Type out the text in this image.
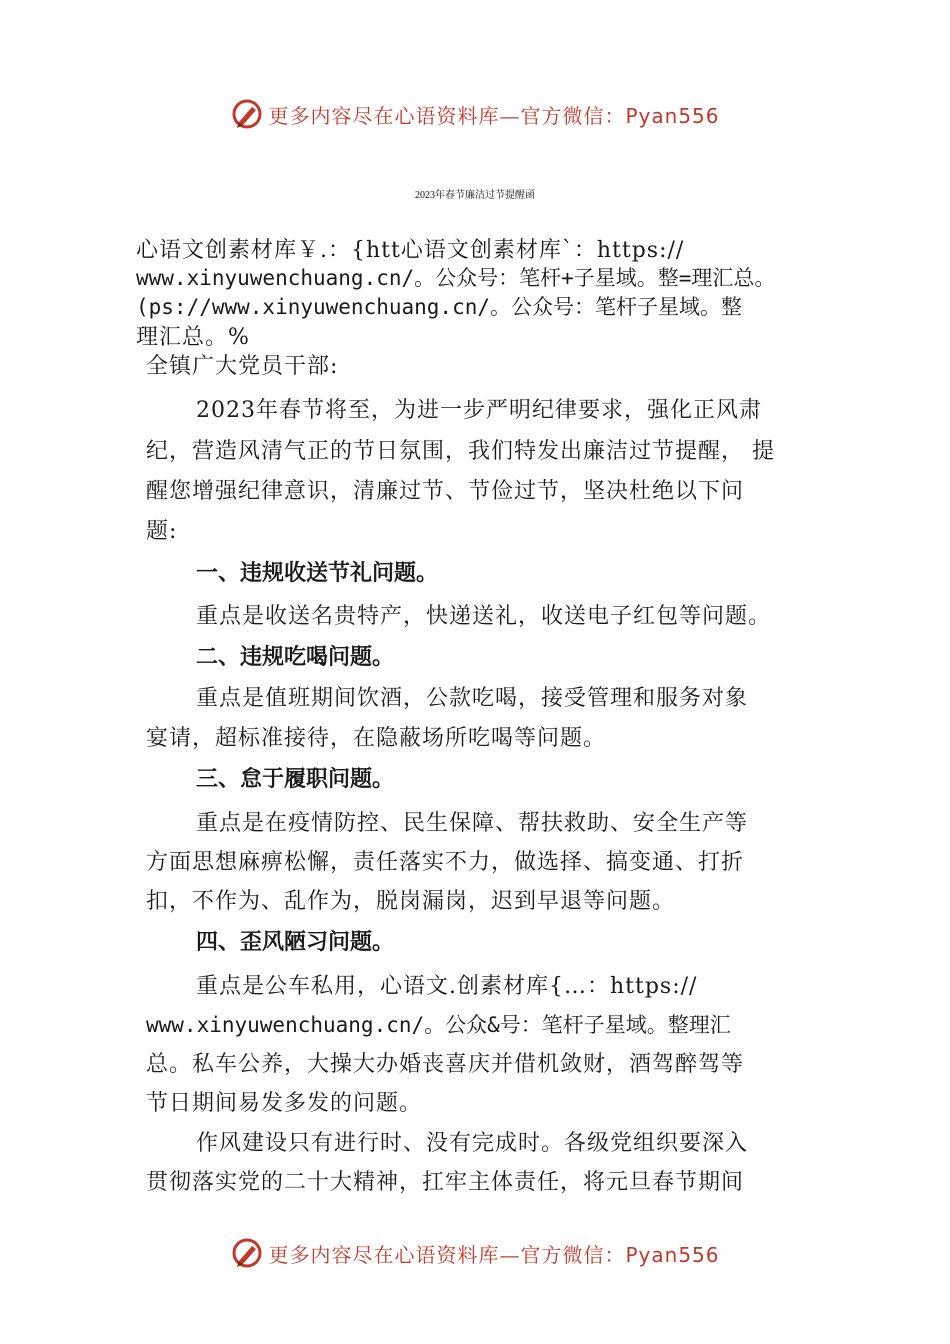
更多内容尽在心语资料库—官方微信：Pyan556
2023年春节廉洁过节提醒函
心语文创素材库￥.：{htt心语文创素材库`：https://
www.xinyuwenchuang.cn/。公众号：笔杆+子星域。整=理汇总。
(ps://www.xinyuwenchuang.cn/。公众号：笔杆子星域。整
理汇总。%
全镇广大党员干部:
2023年春节将至，为进一步严明纪律要求，强化正风肃
纪，营造风清气正的节日氛围，我们特发出廉洁过节提醒， 提
醒您增强纪律意识，清廉过节、节俭过节，坚决杜绝以下问
题:
一、违规收送节礼问题。
重点是收送名贵特产，快递送礼，收送电子红包等问题。
二、违规吃喝问题。
重点是值班期间饮酒，公款吃喝，接受管理和服务对象
宴请，超标准接待，在隐蔽场所吃喝等问题。
三、怠于履职问题。
重点是在疫情防控、民生保障、帮扶救助、安全生产等
方面思想麻痹松懈，责任落实不力，做选择、搞变通、打折
扣，不作为、乱作为，脱岗漏岗，迟到早退等问题。
四、歪风陋习问题。
重点是公车私用，心语文.创素材库{…：https://
www.xinyuwenchuang.cn/。公众&号：笔杆子星域。整理汇
总。私车公养，大操大办婚丧喜庆并借机敛财，酒驾醉驾等
节日期间易发多发的问题。
作风建设只有进行时、没有完成时。各级党组织要深入
贯彻落实党的二十大精神，扛牢主体责任，将元旦春节期间
更多内容尽在心语资料库—官方微信：Pyan556
